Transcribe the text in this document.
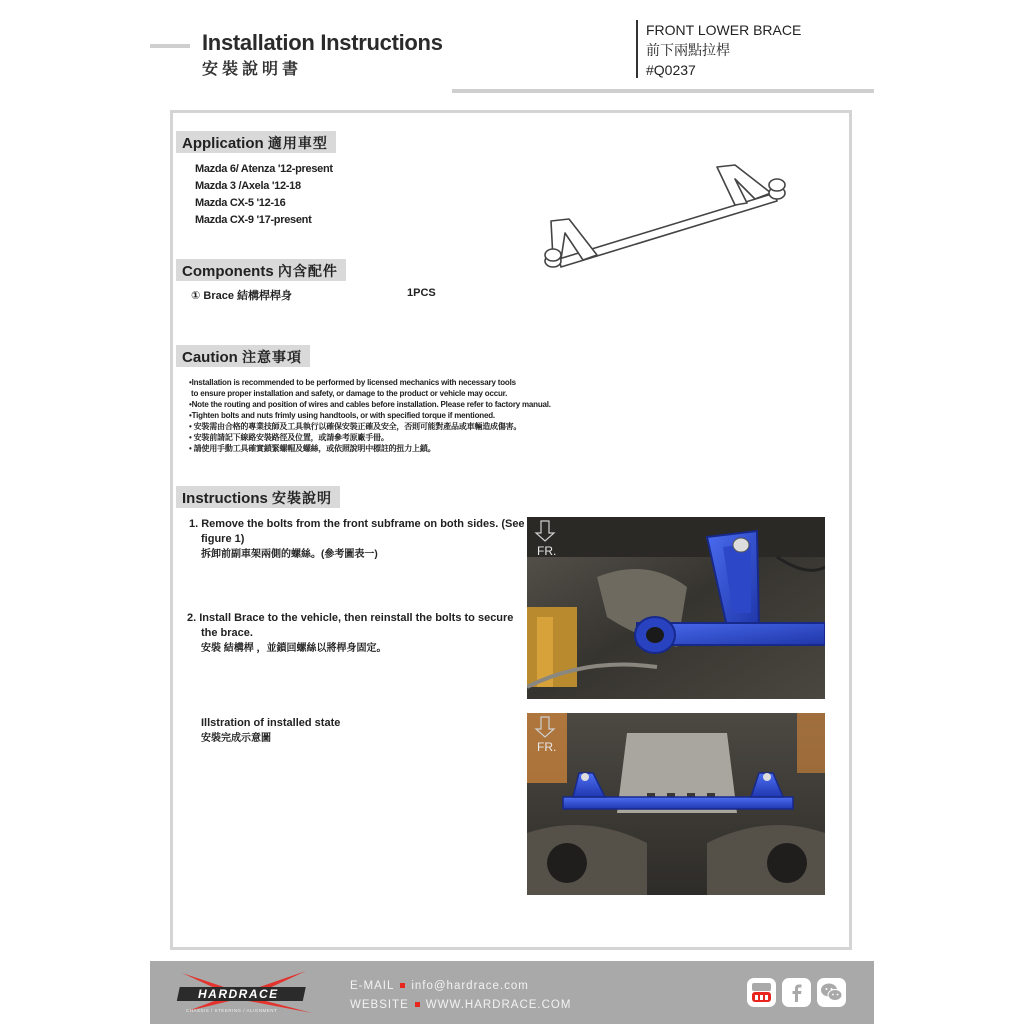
Installation Instructions
安裝說明書
FRONT LOWER BRACE
前下兩點拉桿
#Q0237
Application 適用車型
Mazda 6/ Atenza '12-present
Mazda 3 /Axela '12-18
Mazda CX-5 '12-16
Mazda CX-9 '17-present
Components 內含配件
① Brace 結構桿桿身	1PCS
Caution 注意事項
•Installation is recommended to be performed by licensed mechanics with necessary tools
to ensure proper installation and safety, or damage to the product or vehicle may occur.
•Note the routing and position of wires and cables before installation. Please refer to factory manual.
•Tighten bolts and nuts frimly using handtools, or with specified torque if mentioned.
• 安裝需由合格的專業技師及工具執行以確保安裝正確及安全，否則可能對產品或車輛造成傷害。
• 安裝前請記下線路安裝路徑及位置，或請參考原廠手冊。
• 請使用手動工具確實鎖緊螺帽及螺絲，或依照說明中標註的扭力上鎖。
Instructions 安裝說明
1. Remove the bolts from the front subframe on both sides. (See
figure 1)
拆卸前副車架兩側的螺絲。(參考圖表一)
2. Install Brace to the vehicle, then reinstall the bolts to secure
the brace.
安裝 結構桿 ，並鎖回螺絲以將桿身固定。
Illstration of installed state
安裝完成示意圖
FR.
FR.
HARDRACE
CHASSIS / STEERING / ALIGNMENT
E-MAIL info@hardrace.com
WEBSITE WWW.HARDRACE.COM
